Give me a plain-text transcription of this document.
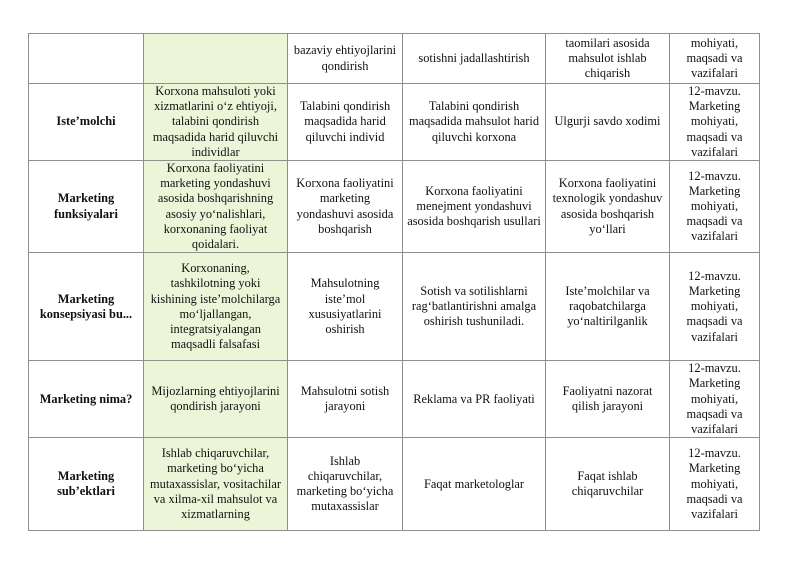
		bazaviy ehtiyojlarini qondirish	sotishni jadallashtirish	taomilari asosida mahsulot ishlab chiqarish	mohiyati, maqsadi va vazifalari
Iste’molchi	Korxona mahsuloti yoki xizmatlarini o‘z ehtiyoji, talabini qondirish maqsadida harid qiluvchi individlar	Talabini qondirish maqsadida harid qiluvchi individ	Talabini qondirish maqsadida mahsulot harid qiluvchi korxona	Ulgurji savdo xodimi	12-mavzu. Marketing mohiyati, maqsadi va vazifalari
Marketing funksiyalari	Korxona faoliyatini marketing yondashuvi asosida boshqarishning asosiy yo‘nalishlari, korxonaning faoliyat qoidalari.	Korxona faoliyatini marketing yondashuvi asosida boshqarish	Korxona faoliyatini menejment yondashuvi asosida boshqarish usullari	Korxona faoliyatini texnologik yondashuv asosida boshqarish yo‘llari	12-mavzu. Marketing mohiyati, maqsadi va vazifalari
Marketing konsepsiyasi bu...	Korxonaning, tashkilotning yoki kishining iste’molchilarga mo‘ljallangan, integratsiyalangan maqsadli falsafasi	Mahsulotning iste’mol xususiyatlarini oshirish	Sotish va sotilishlarni rag‘batlantirishni amalga oshirish tushuniladi.	Iste’molchilar va raqobatchilarga yo‘naltirilganlik	12-mavzu. Marketing mohiyati, maqsadi va vazifalari
Marketing nima?	Mijozlarning ehtiyojlarini qondirish jarayoni	Mahsulotni sotish jarayoni	Reklama va PR faoliyati	Faoliyatni nazorat qilish jarayoni	12-mavzu. Marketing mohiyati, maqsadi va vazifalari
Marketing sub’ektlari	Ishlab chiqaruvchilar, marketing bo‘yicha mutaxassislar, vositachilar va xilma-xil mahsulot va xizmatlarning	Ishlab chiqaruvchilar, marketing bo‘yicha mutaxassislar	Faqat marketologlar	Faqat ishlab chiqaruvchilar	12-mavzu. Marketing mohiyati, maqsadi va vazifalari
